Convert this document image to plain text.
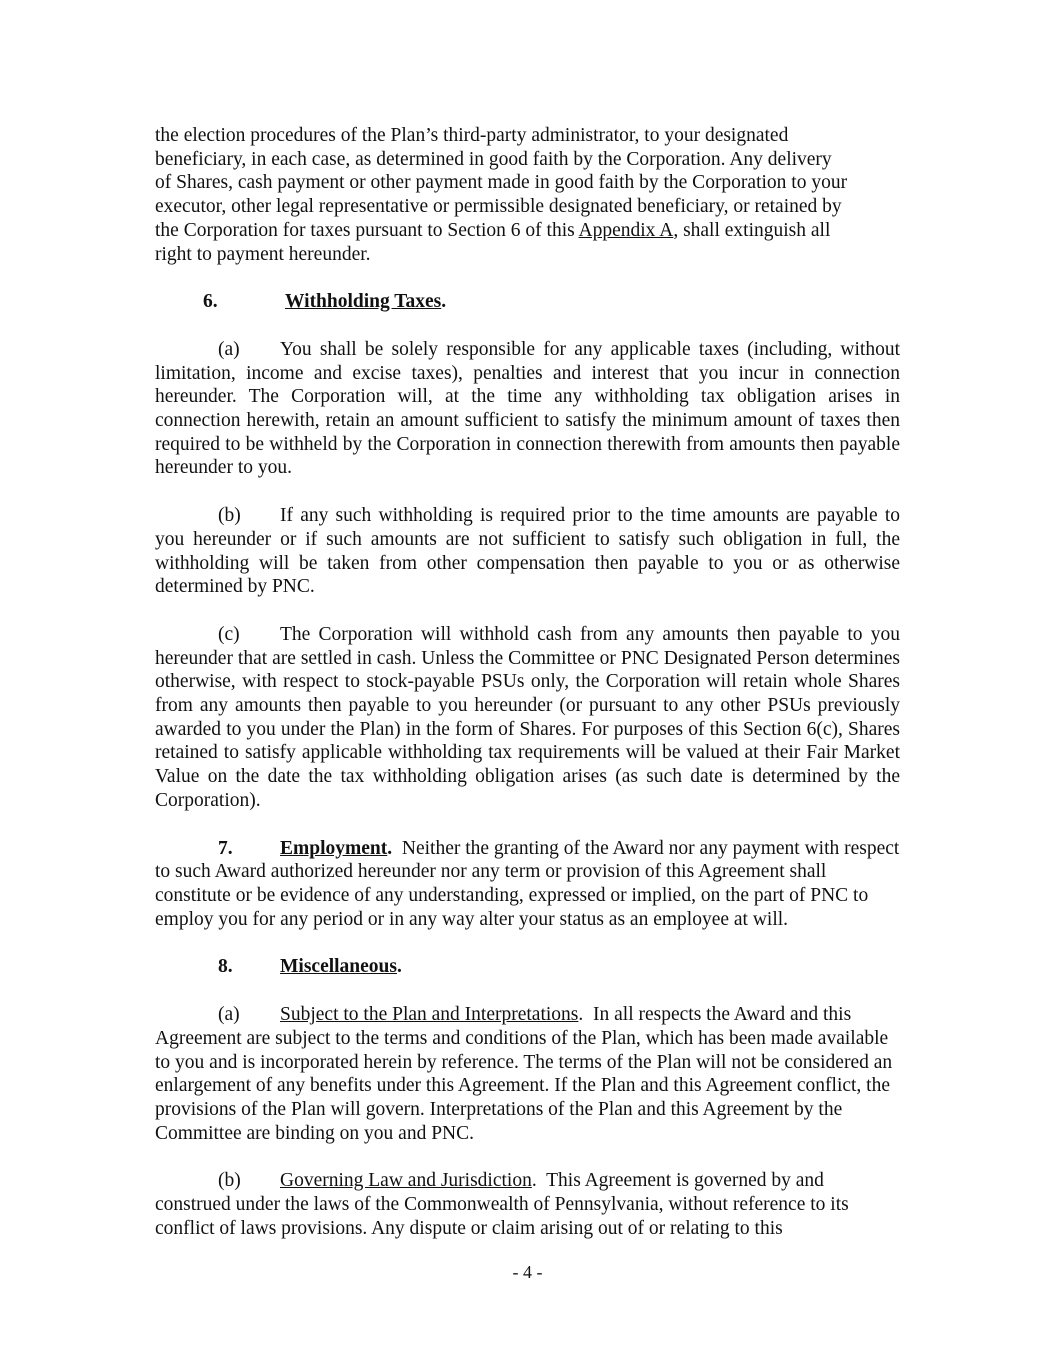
the election procedures of the Plan’s third-party administrator, to your designated
beneficiary, in each case, as determined in good faith by the Corporation. Any delivery
of Shares, cash payment or other payment made in good faith by the Corporation to your
executor, other legal representative or permissible designated beneficiary, or retained by
the Corporation for taxes pursuant to Section 6 of this Appendix A, shall extinguish all
right to payment hereunder.

6.	Withholding Taxes.

(a) You shall be solely responsible for any applicable taxes (including, without limitation, income and excise taxes), penalties and interest that you incur in connection hereunder. The Corporation will, at the time any withholding tax obligation arises in connection herewith, retain an amount sufficient to satisfy the minimum amount of taxes then required to be withheld by the Corporation in connection therewith from amounts then payable hereunder to you.

(b) If any such withholding is required prior to the time amounts are payable to you hereunder or if such amounts are not sufficient to satisfy such obligation in full, the withholding will be taken from other compensation then payable to you or as otherwise determined by PNC.

(c) The Corporation will withhold cash from any amounts then payable to you hereunder that are settled in cash. Unless the Committee or PNC Designated Person determines otherwise, with respect to stock-payable PSUs only, the Corporation will retain whole Shares from any amounts then payable to you hereunder (or pursuant to any other PSUs previously awarded to you under the Plan) in the form of Shares. For purposes of this Section 6(c), Shares retained to satisfy applicable withholding tax requirements will be valued at their Fair Market Value on the date the tax withholding obligation arises (as such date is determined by the Corporation).

7. Employment. Neither the granting of the Award nor any payment with respect to such Award authorized hereunder nor any term or provision of this Agreement shall constitute or be evidence of any understanding, expressed or implied, on the part of PNC to employ you for any period or in any way alter your status as an employee at will.

8. Miscellaneous.

(a) Subject to the Plan and Interpretations.  In all respects the Award and this Agreement are subject to the terms and conditions of the Plan, which has been made available to you and is incorporated herein by reference. The terms of the Plan will not be considered an enlargement of any benefits under this Agreement. If the Plan and this Agreement conflict, the provisions of the Plan will govern. Interpretations of the Plan and this Agreement by the Committee are binding on you and PNC.

(b) Governing Law and Jurisdiction.  This Agreement is governed by and construed under the laws of the Commonwealth of Pennsylvania, without reference to its conflict of laws provisions. Any dispute or claim arising out of or relating to this

- 4 -
